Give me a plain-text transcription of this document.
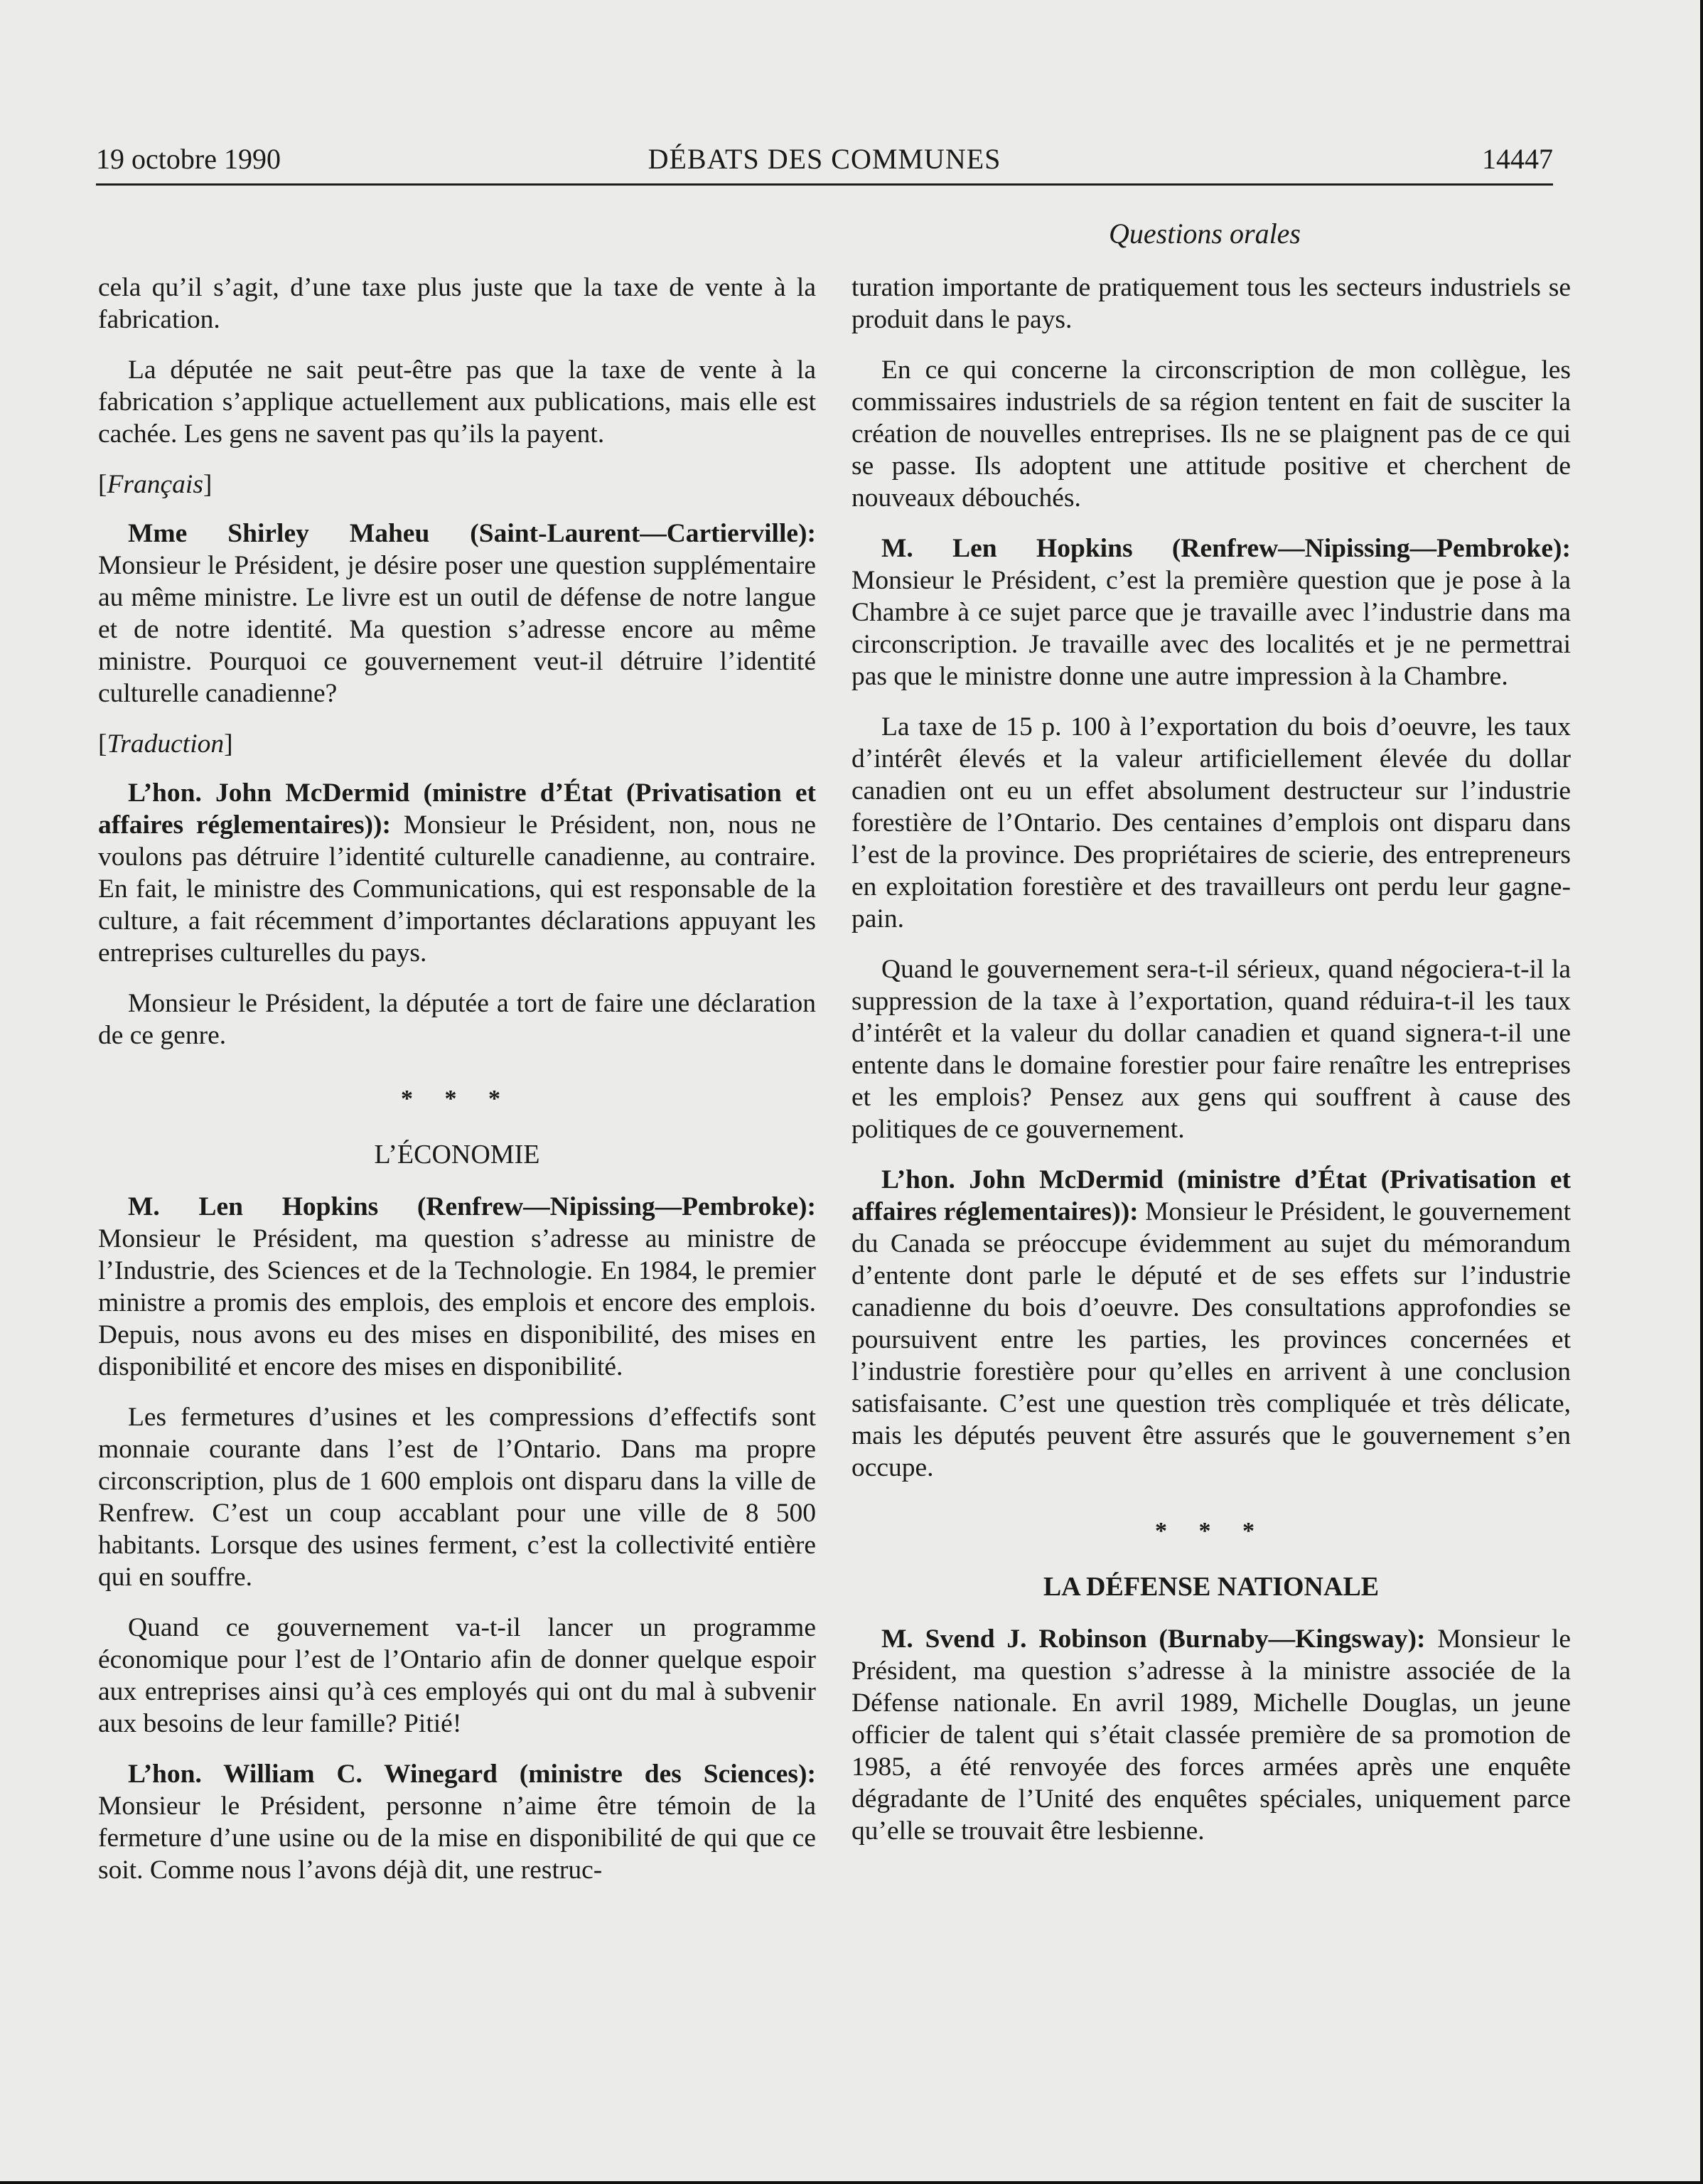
19 octobre 1990	DÉBATS DES COMMUNES	14447
Questions orales

cela qu’il s’agit, d’une taxe plus juste que la taxe de vente à la fabrication.

La députée ne sait peut-être pas que la taxe de vente à la fabrication s’applique actuellement aux publications, mais elle est cachée. Les gens ne savent pas qu’ils la payent.

[Français]

Mme Shirley Maheu (Saint-Laurent—Cartierville): Monsieur le Président, je désire poser une question supplémentaire au même ministre. Le livre est un outil de défense de notre langue et de notre identité. Ma question s’adresse encore au même ministre. Pourquoi ce gouvernement veut-il détruire l’identité culturelle canadienne?

[Traduction]

L’hon. John McDermid (ministre d’État (Privatisation et affaires réglementaires)): Monsieur le Président, non, nous ne voulons pas détruire l’identité culturelle canadienne, au contraire. En fait, le ministre des Communications, qui est responsable de la culture, a fait récemment d’importantes déclarations appuyant les entreprises culturelles du pays.

Monsieur le Président, la députée a tort de faire une déclaration de ce genre.

* * *
L’ÉCONOMIE

M. Len Hopkins (Renfrew—Nipissing—Pembroke): Monsieur le Président, ma question s’adresse au ministre de l’Industrie, des Sciences et de la Technologie. En 1984, le premier ministre a promis des emplois, des emplois et encore des emplois. Depuis, nous avons eu des mises en disponibilité, des mises en disponibilité et encore des mises en disponibilité.

Les fermetures d’usines et les compressions d’effectifs sont monnaie courante dans l’est de l’Ontario. Dans ma propre circonscription, plus de 1 600 emplois ont disparu dans la ville de Renfrew. C’est un coup accablant pour une ville de 8 500 habitants. Lorsque des usines ferment, c’est la collectivité entière qui en souffre.

Quand ce gouvernement va-t-il lancer un programme économique pour l’est de l’Ontario afin de donner quelque espoir aux entreprises ainsi qu’à ces employés qui ont du mal à subvenir aux besoins de leur famille? Pitié!

L’hon. William C. Winegard (ministre des Sciences): Monsieur le Président, personne n’aime être témoin de la fermeture d’une usine ou de la mise en disponibilité de qui que ce soit. Comme nous l’avons déjà dit, une restruc-

turation importante de pratiquement tous les secteurs industriels se produit dans le pays.

En ce qui concerne la circonscription de mon collègue, les commissaires industriels de sa région tentent en fait de susciter la création de nouvelles entreprises. Ils ne se plaignent pas de ce qui se passe. Ils adoptent une attitude positive et cherchent de nouveaux débouchés.

M. Len Hopkins (Renfrew—Nipissing—Pembroke): Monsieur le Président, c’est la première question que je pose à la Chambre à ce sujet parce que je travaille avec l’industrie dans ma circonscription. Je travaille avec des localités et je ne permettrai pas que le ministre donne une autre impression à la Chambre.

La taxe de 15 p. 100 à l’exportation du bois d’oeuvre, les taux d’intérêt élevés et la valeur artificiellement élevée du dollar canadien ont eu un effet absolument destructeur sur l’industrie forestière de l’Ontario. Des centaines d’emplois ont disparu dans l’est de la province. Des propriétaires de scierie, des entrepreneurs en exploitation forestière et des travailleurs ont perdu leur gagne-pain.

Quand le gouvernement sera-t-il sérieux, quand négociera-t-il la suppression de la taxe à l’exportation, quand réduira-t-il les taux d’intérêt et la valeur du dollar canadien et quand signera-t-il une entente dans le domaine forestier pour faire renaître les entreprises et les emplois? Pensez aux gens qui souffrent à cause des politiques de ce gouvernement.

L’hon. John McDermid (ministre d’État (Privatisation et affaires réglementaires)): Monsieur le Président, le gouvernement du Canada se préoccupe évidemment au sujet du mémorandum d’entente dont parle le député et de ses effets sur l’industrie canadienne du bois d’oeuvre. Des consultations approfondies se poursuivent entre les parties, les provinces concernées et l’industrie forestière pour qu’elles en arrivent à une conclusion satisfaisante. C’est une question très compliquée et très délicate, mais les députés peuvent être assurés que le gouvernement s’en occupe.

* * *
LA DÉFENSE NATIONALE

M. Svend J. Robinson (Burnaby—Kingsway): Monsieur le Président, ma question s’adresse à la ministre associée de la Défense nationale. En avril 1989, Michelle Douglas, un jeune officier de talent qui s’était classée première de sa promotion de 1985, a été renvoyée des forces armées après une enquête dégradante de l’Unité des enquêtes spéciales, uniquement parce qu’elle se trouvait être lesbienne.
